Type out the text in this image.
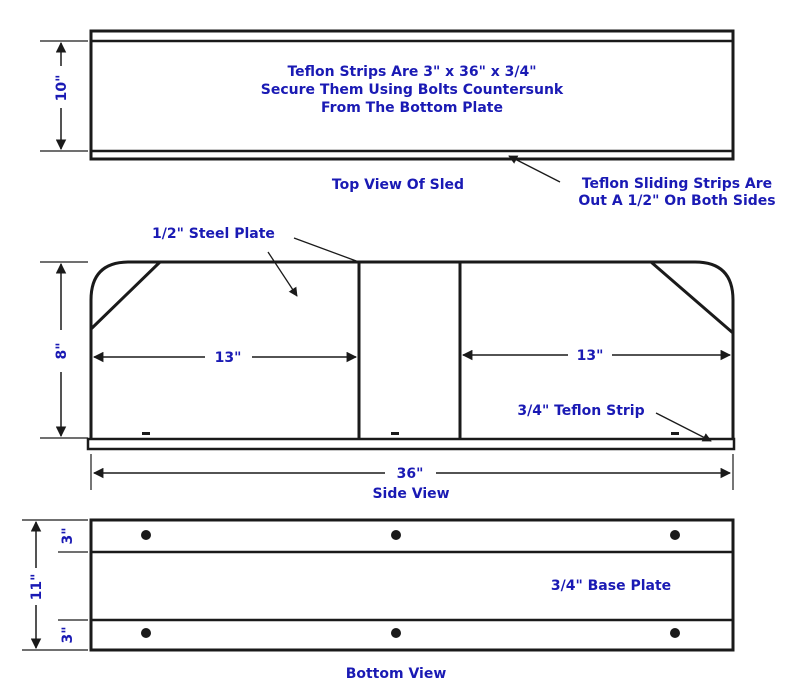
Teflon Strips Are 3" x 36" x 3/4"
Secure Them Using Bolts Countersunk
From The Bottom Plate
10"
Top View Of Sled	Teflon Sliding Strips Are
Out A 1/2" On Both Sides
1/2" Steel Plate
8"	13"	13"
3/4" Teflon Strip
36"
Side View
3/4" Base Plate
11"
3"
3"
Bottom View
